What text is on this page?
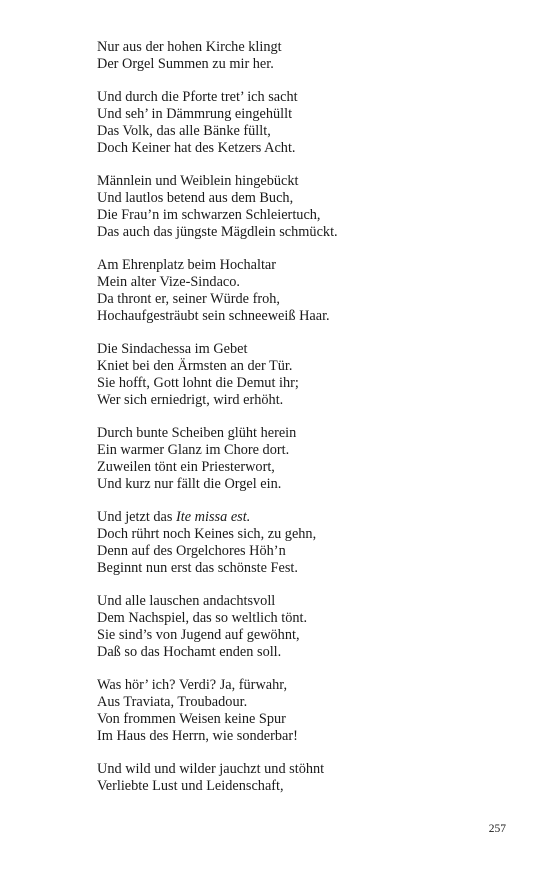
Nur aus der hohen Kirche klingt
Der Orgel Summen zu mir her.
Und durch die Pforte tret’ ich sacht
Und seh’ in Dämmrung eingehüllt
Das Volk, das alle Bänke füllt,
Doch Keiner hat des Ketzers Acht.
Männlein und Weiblein hingebückt
Und lautlos betend aus dem Buch,
Die Frau’n im schwarzen Schleiertuch,
Das auch das jüngste Mägdlein schmückt.
Am Ehrenplatz beim Hochaltar
Mein alter Vize-Sindaco.
Da thront er, seiner Würde froh,
Hochaufgesträubt sein schneeweiß Haar.
Die Sindachessa im Gebet
Kniet bei den Ärmsten an der Tür.
Sie hofft, Gott lohnt die Demut ihr;
Wer sich erniedrigt, wird erhöht.
Durch bunte Scheiben glüht herein
Ein warmer Glanz im Chore dort.
Zuweilen tönt ein Priesterwort,
Und kurz nur fällt die Orgel ein.
Und jetzt das Ite missa est.
Doch rührt noch Keines sich, zu gehn,
Denn auf des Orgelchores Höh’n
Beginnt nun erst das schönste Fest.
Und alle lauschen andachtsvoll
Dem Nachspiel, das so weltlich tönt.
Sie sind’s von Jugend auf gewöhnt,
Daß so das Hochamt enden soll.
Was hör’ ich? Verdi? Ja, fürwahr,
Aus Traviata, Troubadour.
Von frommen Weisen keine Spur
Im Haus des Herrn, wie sonderbar!
Und wild und wilder jauchzt und stöhnt
Verliebte Lust und Leidenschaft,
257
